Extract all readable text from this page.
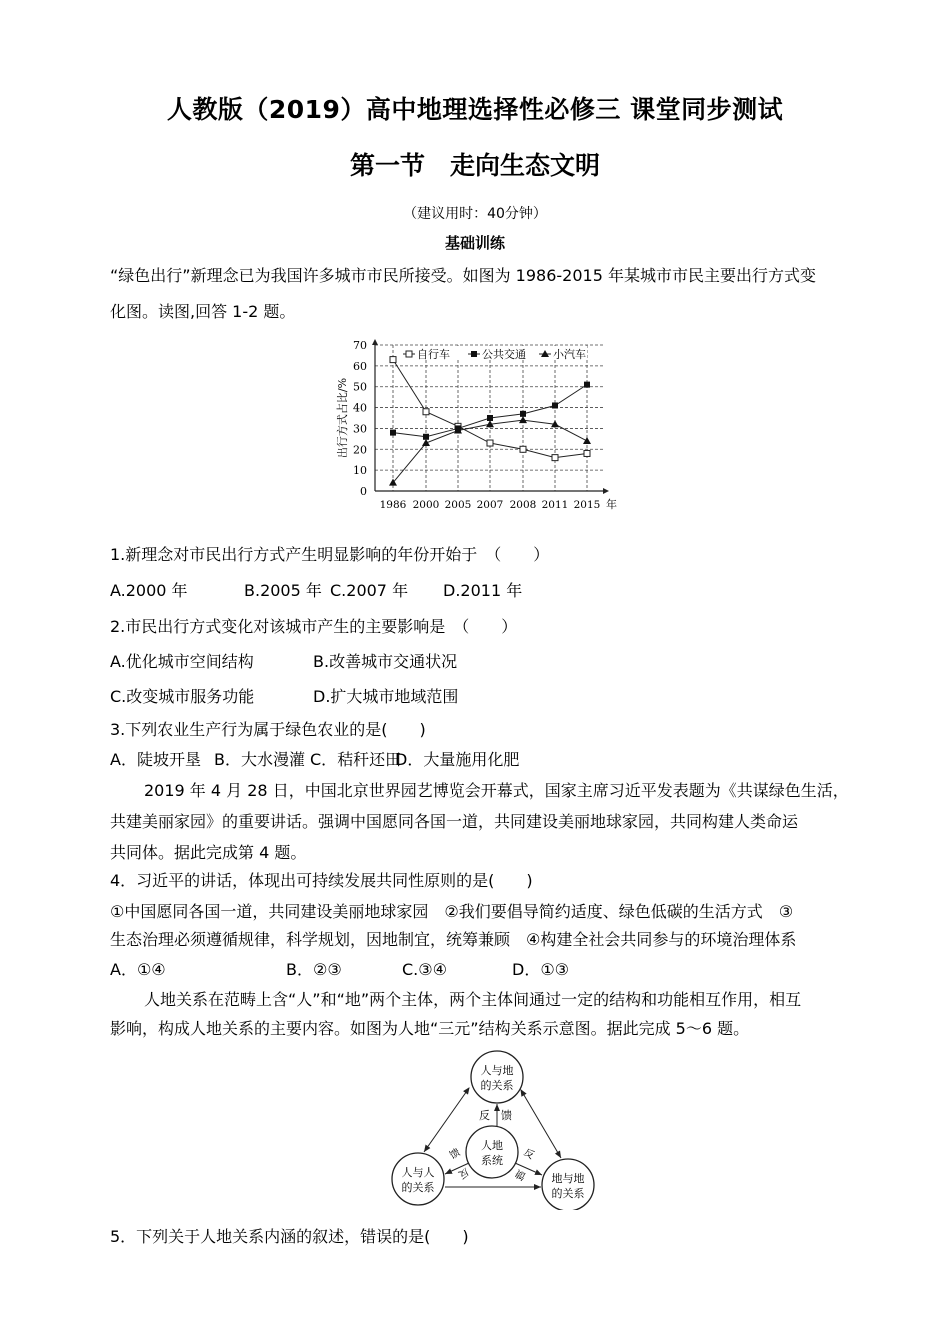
人教版（2019）高中地理选择性必修三 课堂同步测试
第一节　走向生态文明
（建议用时：40分钟）
基础训练
“绿色出行”新理念已为我国许多城市市民所接受。如图为 1986-2015 年某城市市民主要出行方式变
化图。读图,回答 1-2 题。
0
10
20
30
40
50
60
70
1986 2000 2005 2007 2008 2011 2015 年
出行方式占比/%
自行车	公共交通 小汽车
1.新理念对市民出行方式产生明显影响的年份开始于　（　　）
A.2000 年	B.2005 年 C.2007 年 D.2011 年
2.市民出行方式变化对该城市产生的主要影响是　（　　）
A.优化城市空间结构	B.改善城市交通状况
C.改变城市服务功能	D.扩大城市地域范围
3.下列农业生产行为属于绿色农业的是(　　)
A．陡坡开垦 B．大水漫灌 C．秸秆还田
D．大量施用化肥
2019 年 4 月 28 日，中国北京世界园艺博览会开幕式，国家主席习近平发表题为《共谋绿色生活，
共建美丽家园》的重要讲话。强调中国愿同各国一道，共同建设美丽地球家园，共同构建人类命运
共同体。据此完成第 4 题。
4．习近平的讲话，体现出可持续发展共同性原则的是(　　)
①中国愿同各国一道，共同建设美丽地球家园　②我们要倡导简约适度、绿色低碳的生活方式　③
生态治理必须遵循规律，科学规划，因地制宜，统筹兼顾　④构建全社会共同参与的环境治理体系
A．①④	B．②③	C.③④	D．①③
人地关系在范畴上含“人”和“地”两个主体，两个主体间通过一定的结构和功能相互作用，相互
影响，构成人地关系的主要内容。如图为人地“三元”结构关系示意图。据此完成 5～6 题。
人与地
的关系
人地
系统
人与人
的关系
地与地
的关系
反 馈
馈
反
反
馈
5．下列关于人地关系内涵的叙述，错误的是(　　)
